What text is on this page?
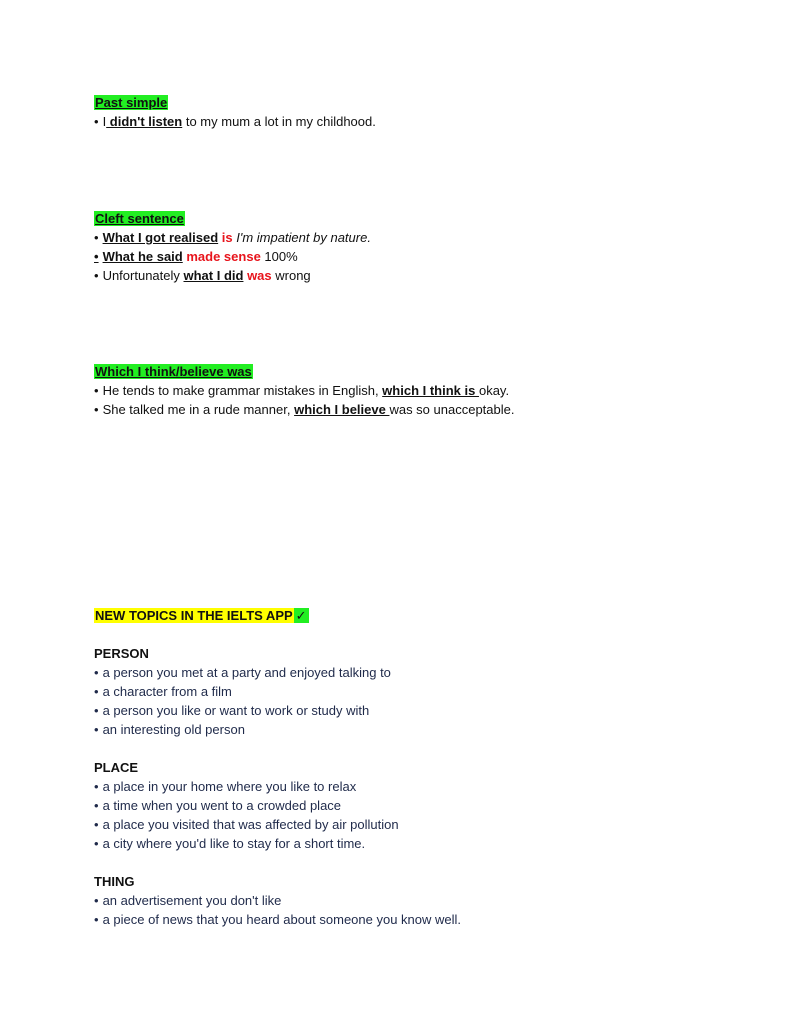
Past simple
• I didn't listen to my mum a lot in my childhood.
Cleft sentence
• What I got realised is I'm impatient by nature.
• What he said made sense 100%
• Unfortunately what I did was wrong
Which I think/believe was
• He tends to make grammar mistakes in English, which I think is okay.
• She talked me in a rude manner, which I believe was so unacceptable.
NEW TOPICS IN THE IELTS APP ✓
PERSON
• a person you met at a party and enjoyed talking to
• a character from a film
• a person you like or want to work or study with
• an interesting old person
PLACE
• a place in your home where you like to relax
• a time when you went to a crowded place
• a place you visited that was affected by air pollution
• a city where you'd like to stay for a short time.
THING
• an advertisement you don't like
• a piece of news that you heard about someone you know well.
